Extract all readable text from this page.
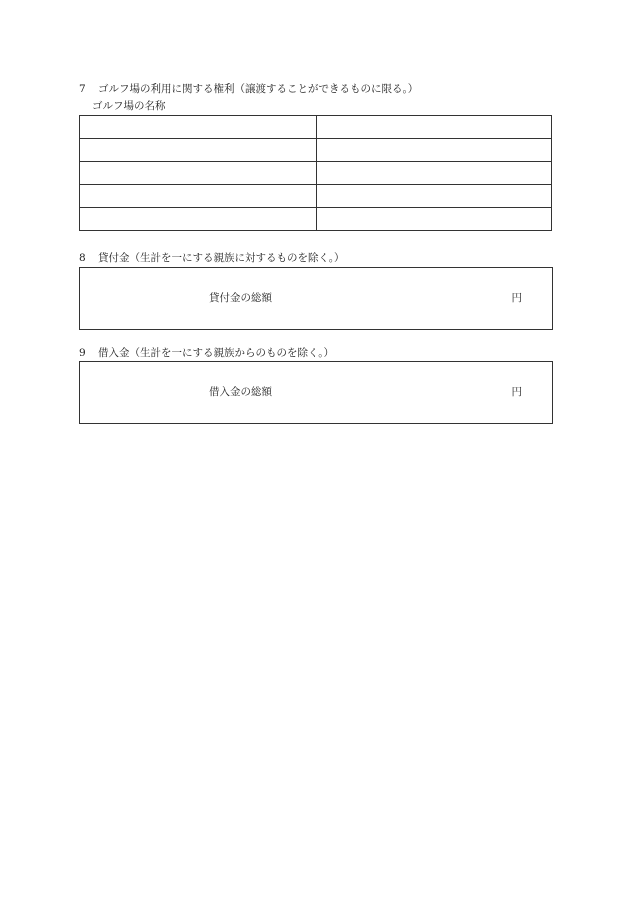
7 ゴルフ場の利用に関する権利（譲渡することができるものに限る。）
ゴルフ場の名称

8 貸付金（生計を一にする親族に対するものを除く。）
貸付金の総額	円
9 借入金（生計を一にする親族からのものを除く。）
借入金の総額	円
